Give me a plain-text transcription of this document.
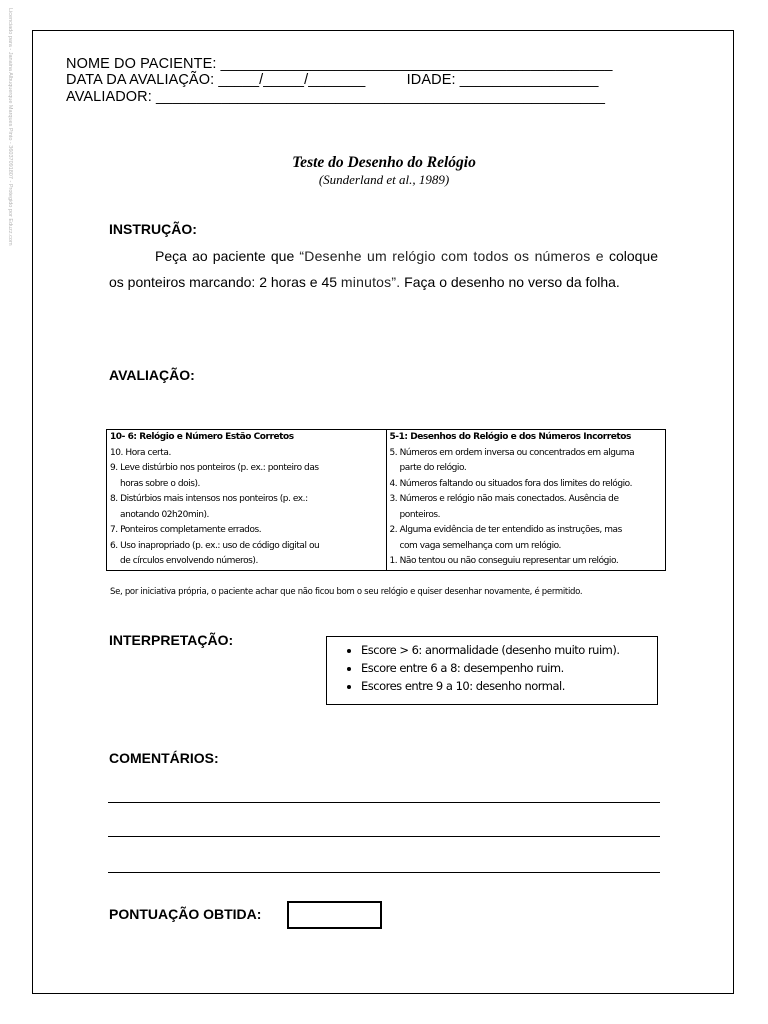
Licenciado para - Janaina Albuquerque Marques Pinto - 36037091807 - Protegido por Eduzz.com	NOME DO PACIENTE: ________________________________________________
DATA DA AVALIAÇÃO: _____/_____/_______          IDADE: _________________
AVALIADOR: _______________________________________________________
Teste do Desenho do Relógio
(Sunderland et al., 1989)
INSTRUÇÃO:
Peça ao paciente que “Desenhe um relógio com todos os números e coloque os ponteiros marcando: 2 horas e 45 minutos”. Faça o desenho no verso da folha.
AVALIAÇÃO:
10- 6: Relógio e Número Estão Corretos
10. Hora certa.
9. Leve distúrbio nos ponteiros (p. ex.: ponteiro das
horas sobre o dois).
8. Distúrbios mais intensos nos ponteiros (p. ex.:
anotando 02h20min).
7. Ponteiros completamente errados.
6. Uso inapropriado (p. ex.: uso de código digital ou
de círculos envolvendo números).

5-1: Desenhos do Relógio e dos Números Incorretos
5. Números em ordem inversa ou concentrados em alguma
parte do relógio.
4. Números faltando ou situados fora dos limites do relógio.
3. Números e relógio não mais conectados. Ausência de
ponteiros.
2. Alguma evidência de ter entendido as instruções, mas
com vaga semelhança com um relógio.
1. Não tentou ou não conseguiu representar um relógio.
Se, por iniciativa própria, o paciente achar que não ficou bom o seu relógio e quiser desenhar novamente, é permitido.
INTERPRETAÇÃO:
• Escore > 6: anormalidade (desenho muito ruim).
• Escore entre 6 a 8: desempenho ruim.
• Escores entre 9 a 10: desenho normal.
COMENTÁRIOS:
PONTUAÇÃO OBTIDA:
